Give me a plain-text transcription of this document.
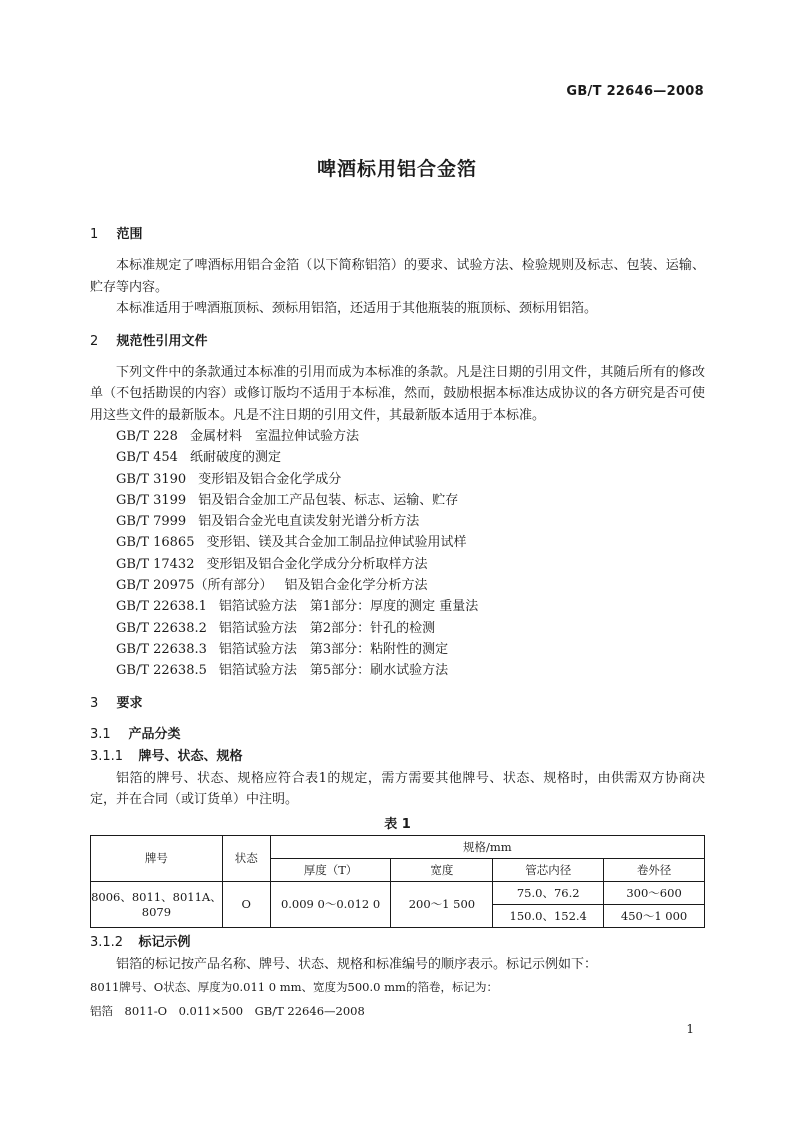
GB/T 22646—2008
啤酒标用铝合金箔
1 范围

本标准规定了啤酒标用铝合金箔（以下简称铝箔）的要求、试验方法、检验规则及标志、包装、运输、贮存等内容。

本标准适用于啤酒瓶顶标、颈标用铝箔，还适用于其他瓶装的瓶顶标、颈标用铝箔。

2 规范性引用文件

下列文件中的条款通过本标准的引用而成为本标准的条款。凡是注日期的引用文件，其随后所有的修改单（不包括勘误的内容）或修订版均不适用于本标准，然而，鼓励根据本标准达成协议的各方研究是否可使用这些文件的最新版本。凡是不注日期的引用文件，其最新版本适用于本标准。

GB/T 228 金属材料　室温拉伸试验方法
GB/T 454 纸耐破度的测定
GB/T 3190 变形铝及铝合金化学成分
GB/T 3199 铝及铝合金加工产品包装、标志、运输、贮存
GB/T 7999 铝及铝合金光电直读发射光谱分析方法
GB/T 16865 变形铝、镁及其合金加工制品拉伸试验用试样
GB/T 17432 变形铝及铝合金化学成分分析取样方法
GB/T 20975（所有部分） 铝及铝合金化学分析方法
GB/T 22638.1 铝箔试验方法　第1部分：厚度的测定 重量法
GB/T 22638.2 铝箔试验方法　第2部分：针孔的检测
GB/T 22638.3 铝箔试验方法　第3部分：粘附性的测定
GB/T 22638.5 铝箔试验方法　第5部分：刷水试验方法
3 要求
3.1 产品分类
3.1.1 牌号、状态、规格

铝箔的牌号、状态、规格应符合表1的规定，需方需要其他牌号、状态、规格时，由供需双方协商决定，并在合同（或订货单）中注明。

表 1
牌号	状态	规格/mm			
		厚度（T）	宽度	管芯内径	卷外径
8006、8011、8011A、8079	O	0.009 0～0.012 0	200～1 500	75.0、76.2	300～600
				150.0、152.4	450～1 000
3.1.2 标记示例

铝箔的标记按产品名称、牌号、状态、规格和标准编号的顺序表示。标记示例如下：

8011牌号、O状态、厚度为0.011 0 mm、宽度为500.0 mm的箔卷，标记为：
铝箔　8011-O　0.011×500　GB/T 22646—2008
1
